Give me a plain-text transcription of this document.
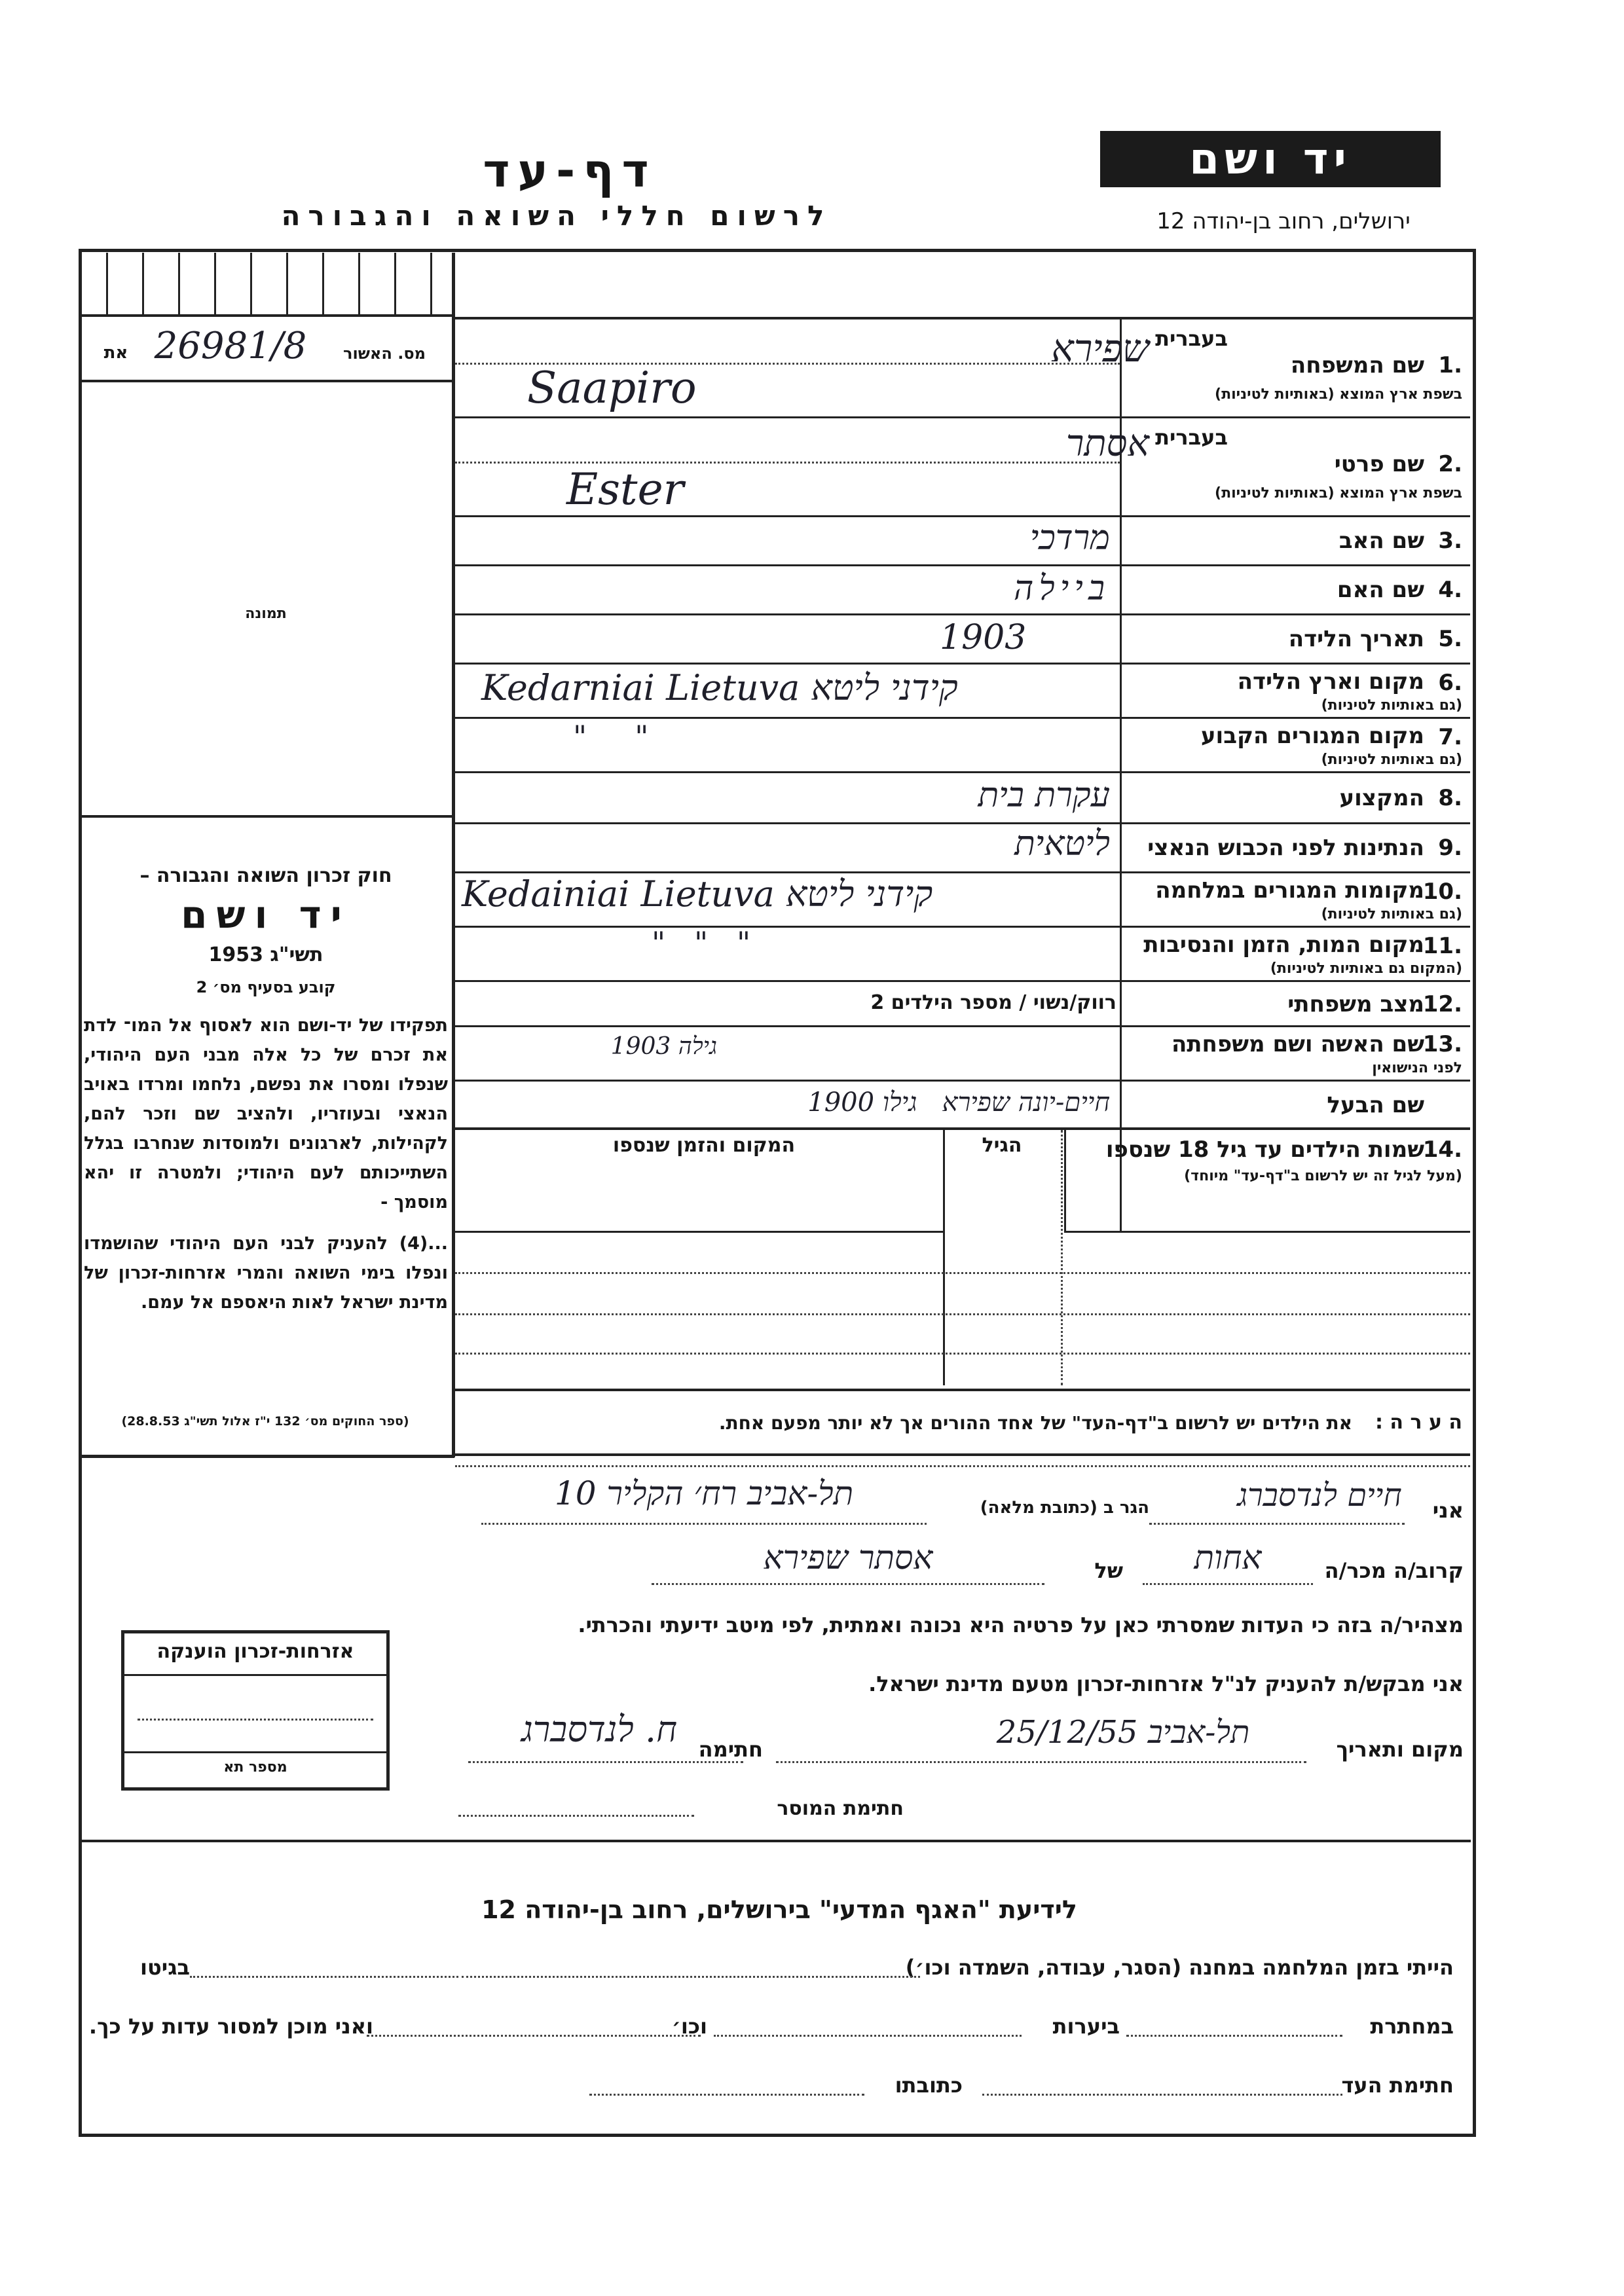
יד ושם
דף-עד
לרשום חללי השואה והגבורה	ירושלים, רחוב בן-יהודה 12
את 26981/8	מס. האשור
תמונה
חוק זכרון השואה והגבורה –
יד ושם
תשי"ג 1953
קובע בסעיף מס׳ 2
תפקידו של יד-ושם הוא לאסוף אל המו־ לדת את זכרם של כל אלה מבני העם היהודי, שנפלו ומסרו את נפשם, נלחמו ומרדו באויב הנאצי ובעוזריו, ולהציב שם וזכר להם, לקהילות, לארגונים ולמוסדות שנחרבו בגלל השתייכותם לעם היהודי; ולמטרה זו יהא מוסמך -
...(4) להעניק לבני העם היהודי שהושמדו ונפלו בימי השואה והמרי אזרחות-זכרון של מדינת ישראל לאות היאספם אל עמם.
(ספר החוקים מס׳ 132 י"ז אלול תשי"ג 28.8.53)
אזרחות-זכרון הוענקה
מספר תא
בעברית
1.
שם המשפחה
בשפת ארץ המוצא (באותיות לטיניות)
שפירא
Saapiro
בעברית
2.
שם פרטי
בשפת ארץ המוצא (באותיות לטיניות)
אסתר
Ester
3.
שם האב
מרדכי
4.
שם האם
ביילה
5.
תאריך הלידה
1903
6.
מקום וארץ הלידה
(גם באותיות לטיניות)
Kedarniai Lietuva קידני ליטא
7.
מקום המגורים הקבוע
(גם באותיות לטיניות)
"     "
8.
המקצוע
עקרת בית
9.
הנתינות לפני הכבוש הנאצי
ליטאית
10.
מקומות המגורים במלחמה
(גם באותיות לטיניות)
Kedainiai Lietuva קידני ליטא
11.
מקום המות, הזמן והנסיבות
(המקום גם באותיות לטיניות)
"   "   "
12.
מצב משפחתי
רווק/נשוי / מספר הילדים 2
13.
שם האשה ושם משפחתה
לפני הנישואין
גילה 1903
שם הבעל
חיים-יונה שפירא   גילו 1900
14.
שמות הילדים עד גיל 18 שנספו
(מעל לגיל זה יש לרשום ב"דף-עד" מיוחד)
הגיל
המקום והזמן שנספו
ה ע ר ה :
את הילדים יש לרשום ב"דף-העד" של אחד ההורים אך לא יותר מפעם אחת.
אני
חיים לנדסברג
הגר ב (כתובת מלאה)
תל-אביב רח׳ הקליר 10
קרוב/ה מכר/ה
אחות
של
אסתר שפירא
מצהיר/ה בזה כי העדות שמסרתי כאן על פרטיה היא נכונה ואמתית, לפי מיטב ידיעתי והכרתי.
אני מבקש/ת להעניק לנ"ל אזרחות-זכרון מטעם מדינת ישראל.
מקום ותאריך
תל-אביב 25/12/55
חתימה
ח. לנדסברג
חתימת המוסר
לידיעת "האגף המדעי" בירושלים, רחוב בן-יהודה 12
הייתי בזמן המלחמה במחנה (הסגר, עבודה, השמדה וכו׳)
בגיטו
במחתרת
ביערות
וכו׳
ואני מוכן למסור עדות על כך.
חתימת העד
כתובתו
